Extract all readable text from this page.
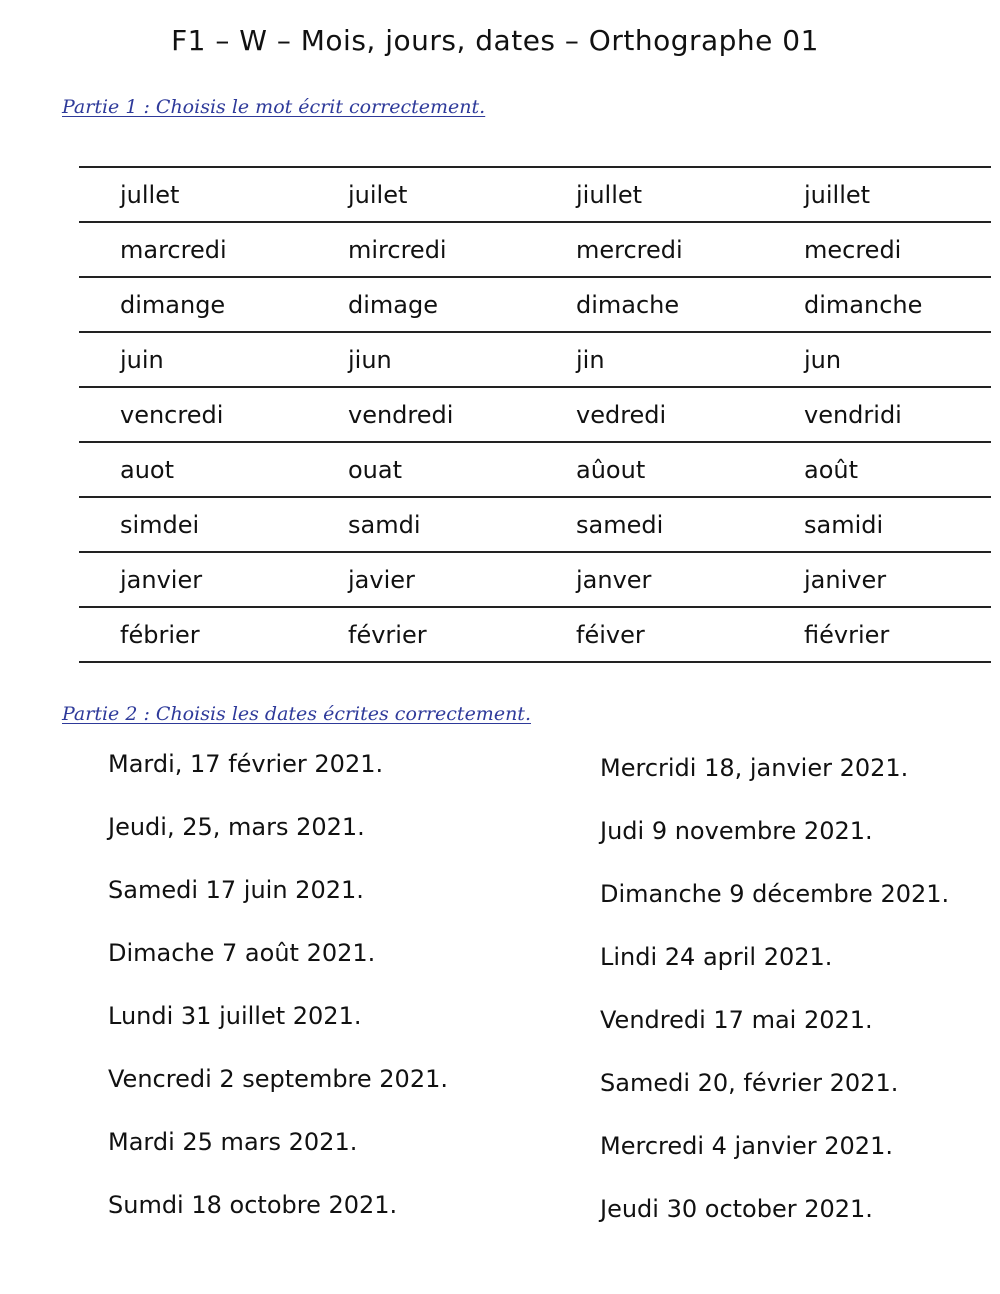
F1 – W – Mois, jours, dates – Orthographe 01
Partie 1 : Choisis le mot écrit correctement.
jullet	juilet	jiullet	juillet
marcredi	mircredi	mercredi	mecredi
dimange	dimage	dimache	dimanche
juin	jiun	jin	jun
vencredi	vendredi	vedredi	vendridi
auot	ouat	aûout	août
simdei	samdi	samedi	samidi
janvier	javier	janver	janiver
fébrier	février	féiver	fiévrier
Partie 2 : Choisis les dates écrites correctement.
Mardi, 17 février 2021.
Jeudi, 25, mars 2021.
Samedi 17 juin 2021.
Dimache 7 août 2021.
Lundi 31 juillet 2021.
Vencredi 2 septembre 2021.
Mardi 25 mars 2021.
Sumdi 18 octobre 2021.
Mercridi 18, janvier 2021.
Judi 9 novembre 2021.
Dimanche 9 décembre 2021.
Lindi 24 april 2021.
Vendredi 17 mai 2021.
Samedi 20, février 2021.
Mercredi 4 janvier 2021.
Jeudi 30 october 2021.
